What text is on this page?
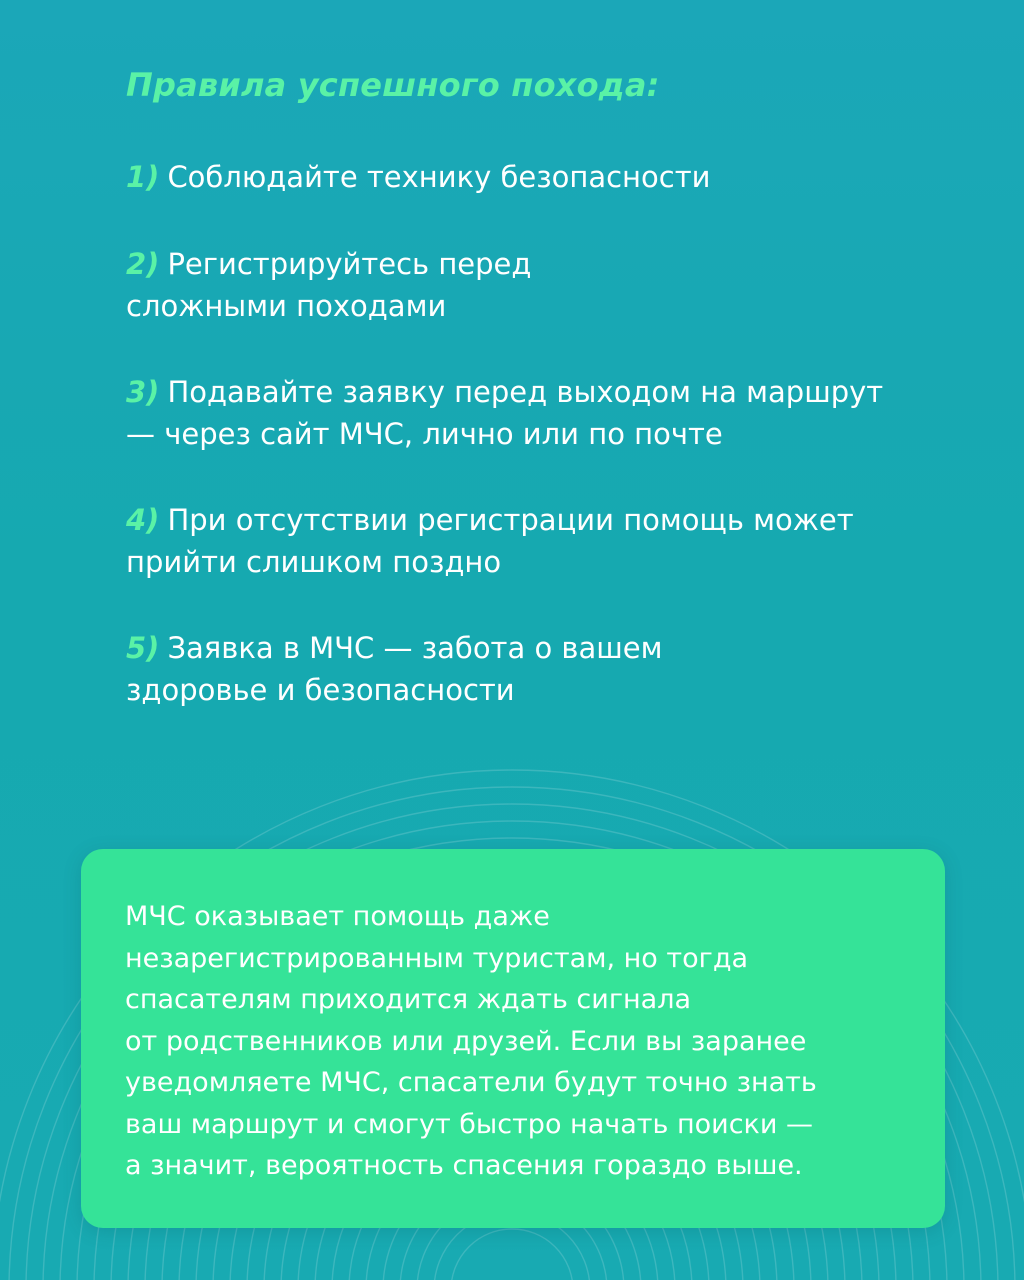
Правила успешного похода:
1) Соблюдайте технику безопасности
2) Регистрируйтесь перед
сложными походами
3) Подавайте заявку перед выходом на маршрут
— через сайт МЧС, лично или по почте
4) При отсутствии регистрации помощь может
прийти слишком поздно
5) Заявка в МЧС — забота о вашем
здоровье и безопасности
МЧС оказывает помощь даже
незарегистрированным туристам, но тогда
спасателям приходится ждать сигнала
от родственников или друзей. Если вы заранее
уведомляете МЧС, спасатели будут точно знать
ваш маршрут и смогут быстро начать поиски —
а значит, вероятность спасения гораздо выше.
